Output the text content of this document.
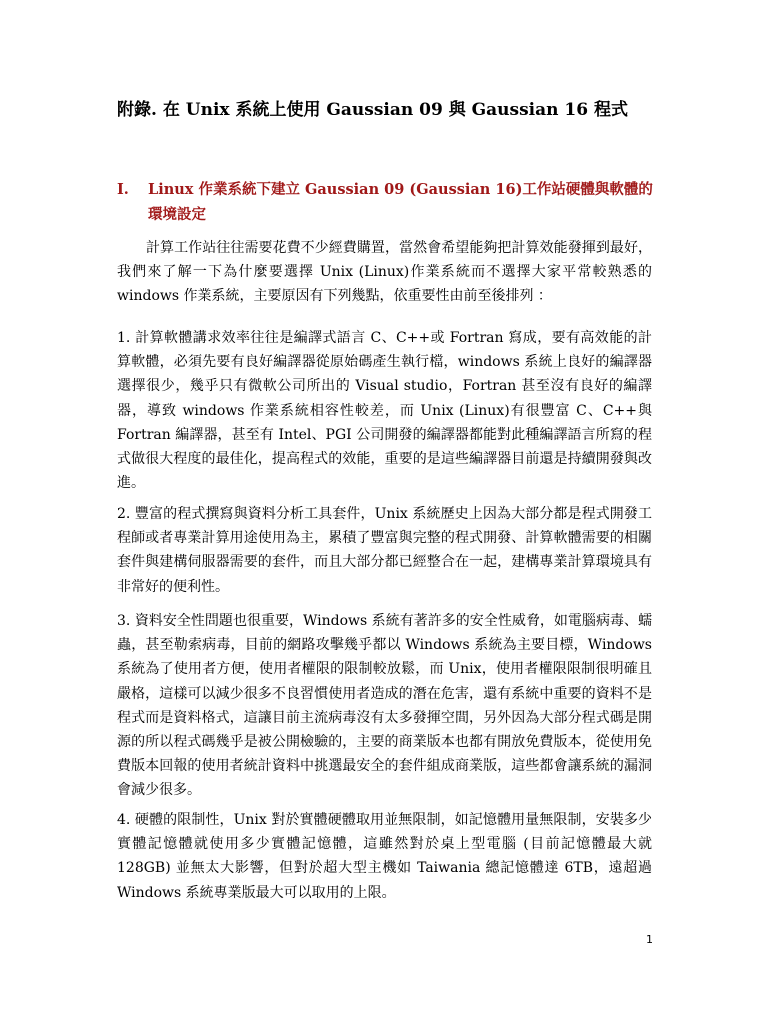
附錄. 在 Unix 系統上使用 Gaussian 09 與 Gaussian 16 程式
I.	Linux 作業系統下建立 Gaussian 09 (Gaussian 16)工作站硬體與軟體的環境設定
計算工作站往往需要花費不少經費購置，當然會希望能夠把計算效能發揮到最好，我們來了解一下為什麼要選擇 Unix (Linux)作業系統而不選擇大家平常較熟悉的 windows 作業系統，主要原因有下列幾點，依重要性由前至後排列 ：
1. 計算軟體講求效率往往是編譯式語言 C、C++或 Fortran 寫成，要有高效能的計算軟體，必須先要有良好編譯器從原始碼產生執行檔，windows 系統上良好的編譯器選擇很少，幾乎只有微軟公司所出的 Visual studio，Fortran 甚至沒有良好的編譯器，導致 windows 作業系統相容性較差，而 Unix (Linux)有很豐富 C、C++與 Fortran 編譯器，甚至有 Intel、PGI 公司開發的編譯器都能對此種編譯語言所寫的程式做很大程度的最佳化，提高程式的效能，重要的是這些編譯器目前還是持續開發與改進。
2. 豐富的程式撰寫與資料分析工具套件，Unix 系統歷史上因為大部分都是程式開發工程師或者專業計算用途使用為主，累積了豐富與完整的程式開發、計算軟體需要的相關套件與建構伺服器需要的套件，而且大部分都已經整合在一起，建構專業計算環境具有非常好的便利性。
3. 資料安全性問題也很重要，Windows 系統有著許多的安全性威脅，如電腦病毒、蠕蟲，甚至勒索病毒，目前的網路攻擊幾乎都以 Windows 系統為主要目標，Windows 系統為了使用者方便，使用者權限的限制較放鬆，而 Unix，使用者權限限制很明確且嚴格，這樣可以減少很多不良習慣使用者造成的潛在危害，還有系統中重要的資料不是程式而是資料格式，這讓目前主流病毒沒有太多發揮空間，另外因為大部分程式碼是開源的所以程式碼幾乎是被公開檢驗的，主要的商業版本也都有開放免費版本，從使用免費版本回報的使用者統計資料中挑選最安全的套件組成商業版，這些都會讓系統的漏洞會減少很多。
4. 硬體的限制性，Unix 對於實體硬體取用並無限制，如記憶體用量無限制，安裝多少實體記憶體就使用多少實體記憶體，這雖然對於桌上型電腦 (目前記憶體最大就 128GB) 並無太大影響，但對於超大型主機如 Taiwania 總記憶體達 6TB，遠超過 Windows 系統專業版最大可以取用的上限。
1
